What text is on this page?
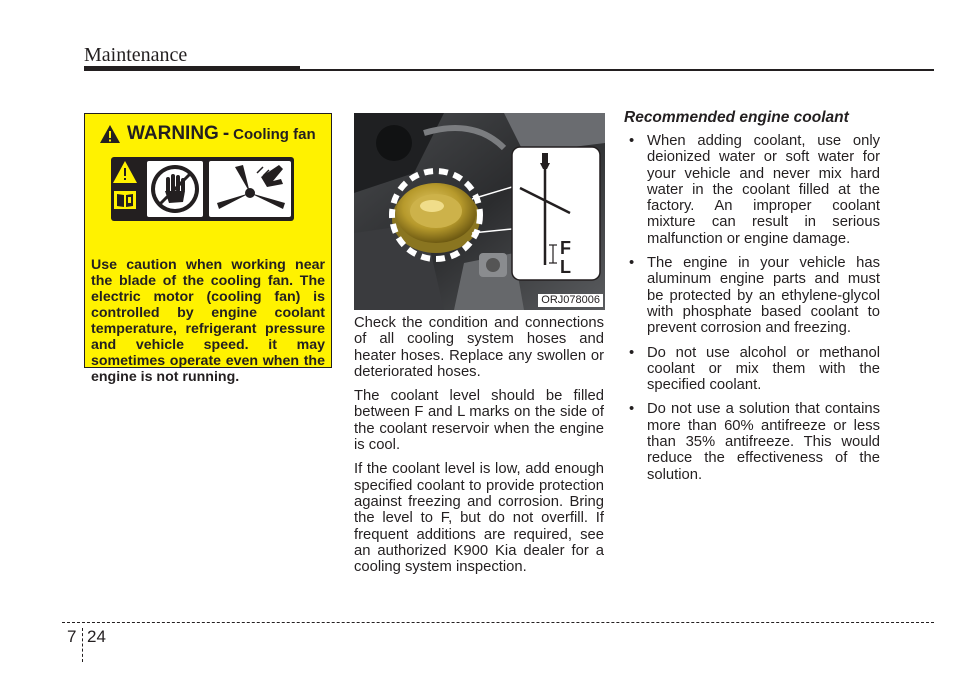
Maintenance
WARNING - Cooling fan
Use caution when working near the blade of the cooling fan. The electric motor (cooling fan) is controlled by engine coolant temperature, refrigerant pressure and vehicle speed. it may sometimes operate even when the engine is not running.
F
L
ORJ078006

Check the condition and connections of all cooling system hoses and heater hoses. Replace any swollen or deteriorated hoses.

The coolant level should be filled between F and L marks on the side of the coolant reservoir when the engine is cool.

If the coolant level is low, add enough specified coolant to provide protection against freezing and corrosion. Bring the level to F, but do not overfill. If frequent additions are required, see an authorized K900 Kia dealer for a cooling system inspection.

Recommended engine coolant
• When adding coolant, use only deionized water or soft water for your vehicle and never mix hard water in the coolant filled at the factory. An improper coolant mixture can result in serious malfunction or engine damage.
• The engine in your vehicle has aluminum engine parts and must be protected by an ethylene-glycol with phosphate based coolant to prevent corrosion and freezing.
• Do not use alcohol or methanol coolant or mix them with the specified coolant.
• Do not use a solution that contains more than 60% antifreeze or less than 35% antifreeze. This would reduce the effectiveness of the solution.
7 24
